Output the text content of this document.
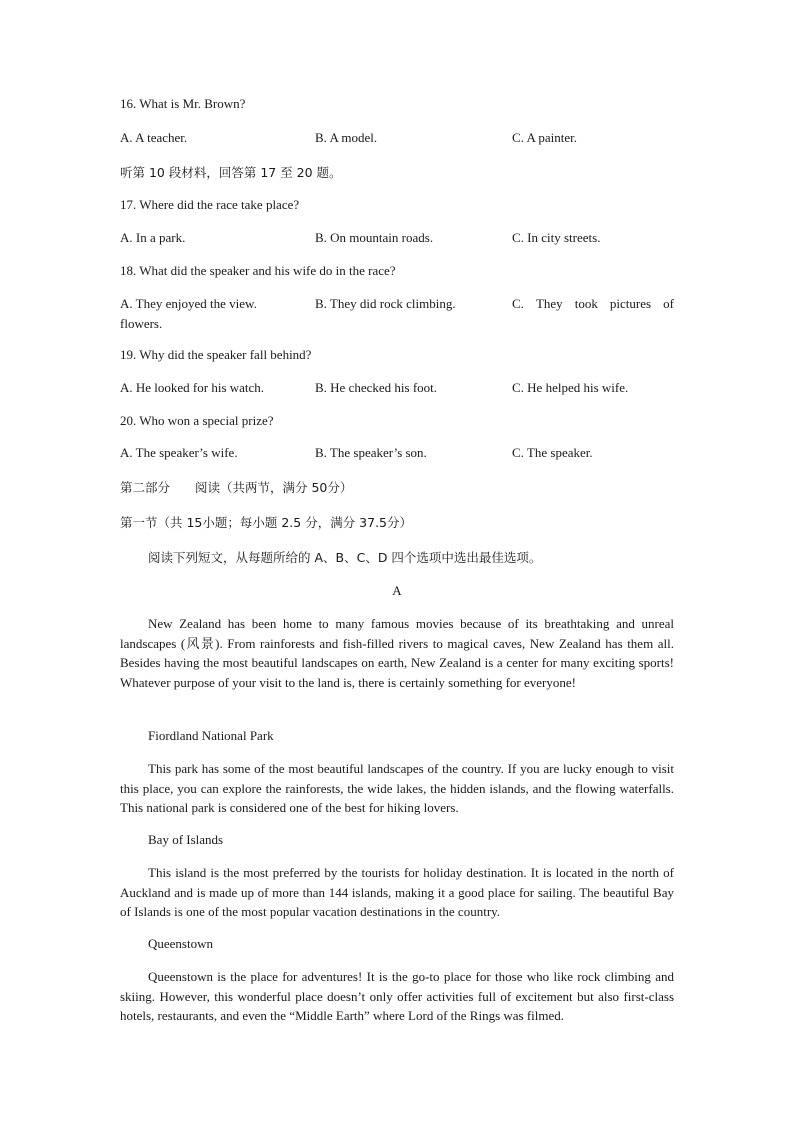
16. What is Mr. Brown?
A. A teacher.	B. A model.	C. A painter.
听第 10 段材料，回答第 17 至 20 题。
17. Where did the race take place?
A. In a park.	B. On mountain roads.	C. In city streets.
18. What did the speaker and his wife do in the race?
A. They enjoyed the view.	B. They did rock climbing.	C. They took pictures of
flowers.
19. Why did the speaker fall behind?
A. He looked for his watch.	B. He checked his foot.	C. He helped his wife.
20. Who won a special prize?
A. The speaker’s wife.	B. The speaker’s son.	C. The speaker.
第二部分　　阅读（共两节，满分 50分）
第一节（共 15小题；每小题 2.5 分，满分 37.5分）
阅读下列短文，从每题所给的 A、B、C、D 四个选项中选出最佳选项。
A
New Zealand has been home to many famous movies because of its breathtaking and unreal landscapes (风景). From rainforests and fish-filled rivers to magical caves, New Zealand has them all. Besides having the most beautiful landscapes on earth, New Zealand is a center for many exciting sports! Whatever purpose of your visit to the land is, there is certainly something for everyone!
Fiordland National Park
This park has some of the most beautiful landscapes of the country. If you are lucky enough to visit this place, you can explore the rainforests, the wide lakes, the hidden islands, and the flowing waterfalls. This national park is considered one of the best for hiking lovers.
Bay of Islands
This island is the most preferred by the tourists for holiday destination. It is located in the north of Auckland and is made up of more than 144 islands, making it a good place for sailing. The beautiful Bay of Islands is one of the most popular vacation destinations in the country.
Queenstown
Queenstown is the place for adventures! It is the go-to place for those who like rock climbing and skiing. However, this wonderful place doesn’t only offer activities full of excitement but also first-class hotels, restaurants, and even the “Middle Earth” where Lord of the Rings was filmed.
